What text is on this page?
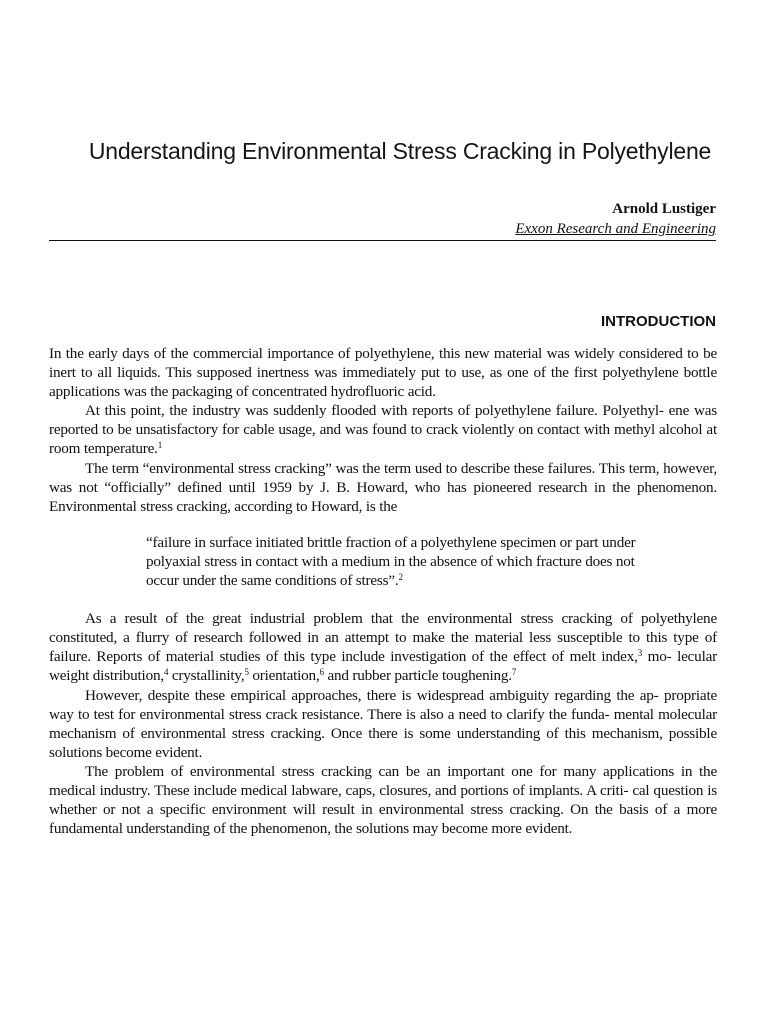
Understanding Environmental Stress Cracking in Polyethylene

Arnold Lustiger

Exxon Research and Engineering

INTRODUCTION

In the early days of the commercial importance of polyethylene, this new material was widely considered to be inert to all liquids. This supposed inertness was immediately put to use, as one of the first polyethylene bottle applications was the packaging of concentrated hydrofluoric acid.

At this point, the industry was suddenly flooded with reports of polyethylene failure. Polyethyl- ene was reported to be unsatisfactory for cable usage, and was found to crack violently on contact with methyl alcohol at room temperature.$^1$

The term “environmental stress cracking” was the term used to describe these failures. This term, however, was not “officially” defined until 1959 by J. B. Howard, who has pioneered research in the phenomenon. Environmental stress cracking, according to Howard, is the

“failure in surface initiated brittle fraction of a polyethylene specimen or part under polyaxial stress in contact with a medium in the absence of which fracture does not occur under the same conditions of stress”.$^2$

As a result of the great industrial problem that the environmental stress cracking of polyethylene constituted, a flurry of research followed in an attempt to make the material less susceptible to this type of failure. Reports of material studies of this type include investigation of the effect of melt index,$^3$ mo- lecular weight distribution,$^4$ crystallinity,$^5$ orientation,$^6$ and rubber particle toughening.$^7$

However, despite these empirical approaches, there is widespread ambiguity regarding the ap- propriate way to test for environmental stress crack resistance. There is also a need to clarify the funda- mental molecular mechanism of environmental stress cracking. Once there is some understanding of this mechanism, possible solutions become evident.

The problem of environmental stress cracking can be an important one for many applications in the medical industry. These include medical labware, caps, closures, and portions of implants. A criti- cal question is whether or not a specific environment will result in environmental stress cracking. On the basis of a more fundamental understanding of the phenomenon, the solutions may become more evident.
